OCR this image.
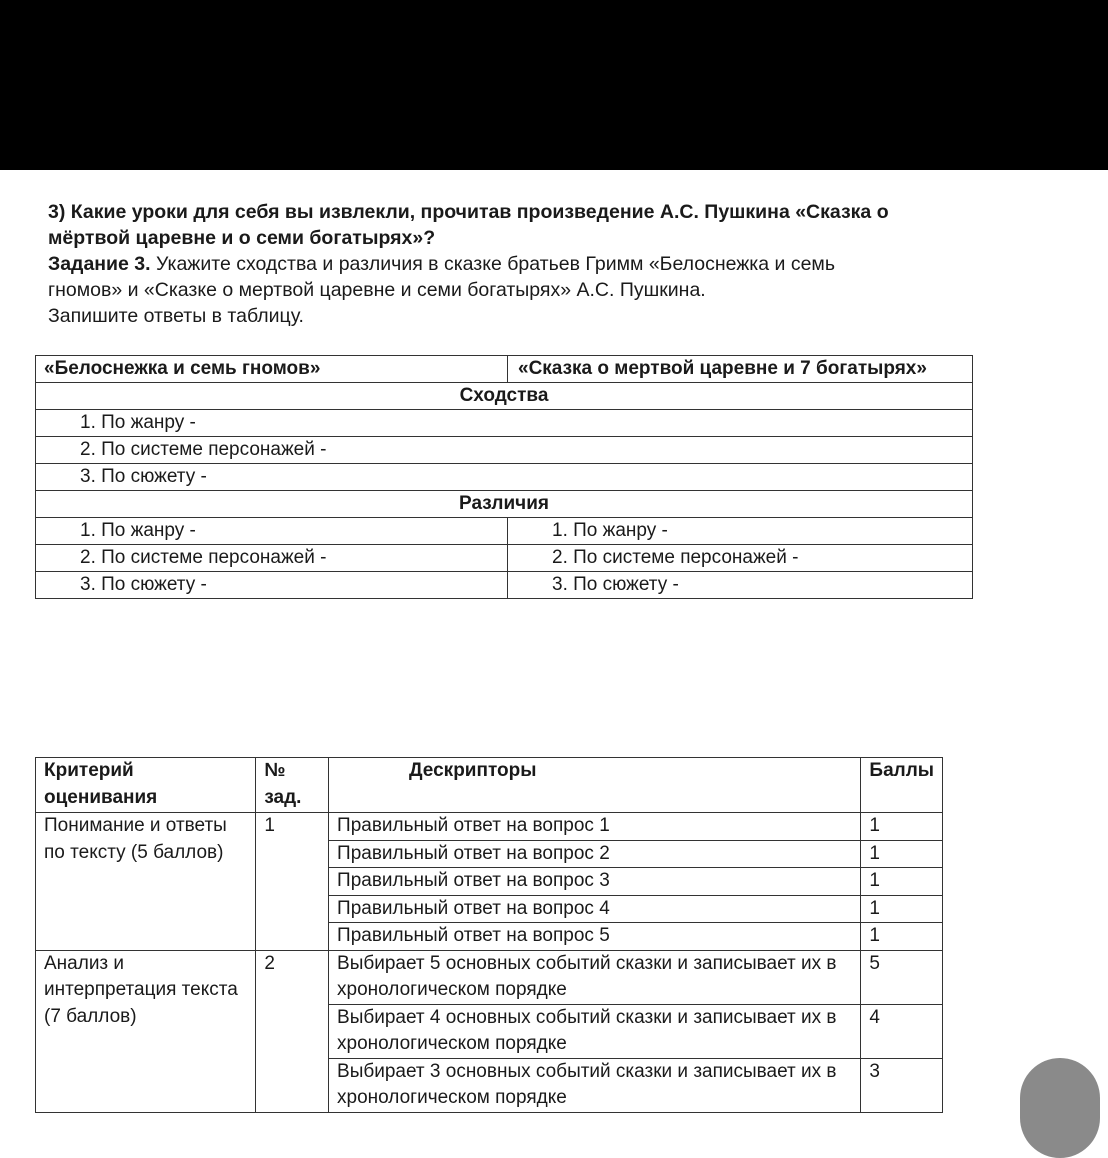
3) Какие уроки для себя вы извлекли, прочитав произведение А.С. Пушкина «Сказка о
мёртвой царевне и о семи богатырях»?
Задание 3. Укажите сходства и различия в сказке братьев Гримм «Белоснежка и семь
гномов» и «Сказке о мертвой царевне и семи богатырях» А.С. Пушкина.
Запишите ответы в таблицу.
«Белоснежка и семь гномов»	«Сказка о мертвой царевне и 7 богатырях»
Сходства	
1. По жанру -	
2. По системе персонажей -	
3. По сюжету -	
Различия	
1. По жанру -	1. По жанру -
2. По системе персонажей -	2. По системе персонажей -
3. По сюжету -	3. По сюжету -
Критерий оценивания	№ зад.	Дескрипторы	Баллы
Понимание и ответы по тексту (5 баллов)	1	Правильный ответ на вопрос 1	1
		Правильный ответ на вопрос 2	1
		Правильный ответ на вопрос 3	1
		Правильный ответ на вопрос 4	1
		Правильный ответ на вопрос 5	1
Анализ и интерпретация текста (7 баллов)	2	Выбирает 5 основных событий сказки и записывает их в хронологическом порядке	5
		Выбирает 4 основных событий сказки и записывает их в хронологическом порядке	4
		Выбирает 3 основных событий сказки и записывает их в хронологическом порядке	3
